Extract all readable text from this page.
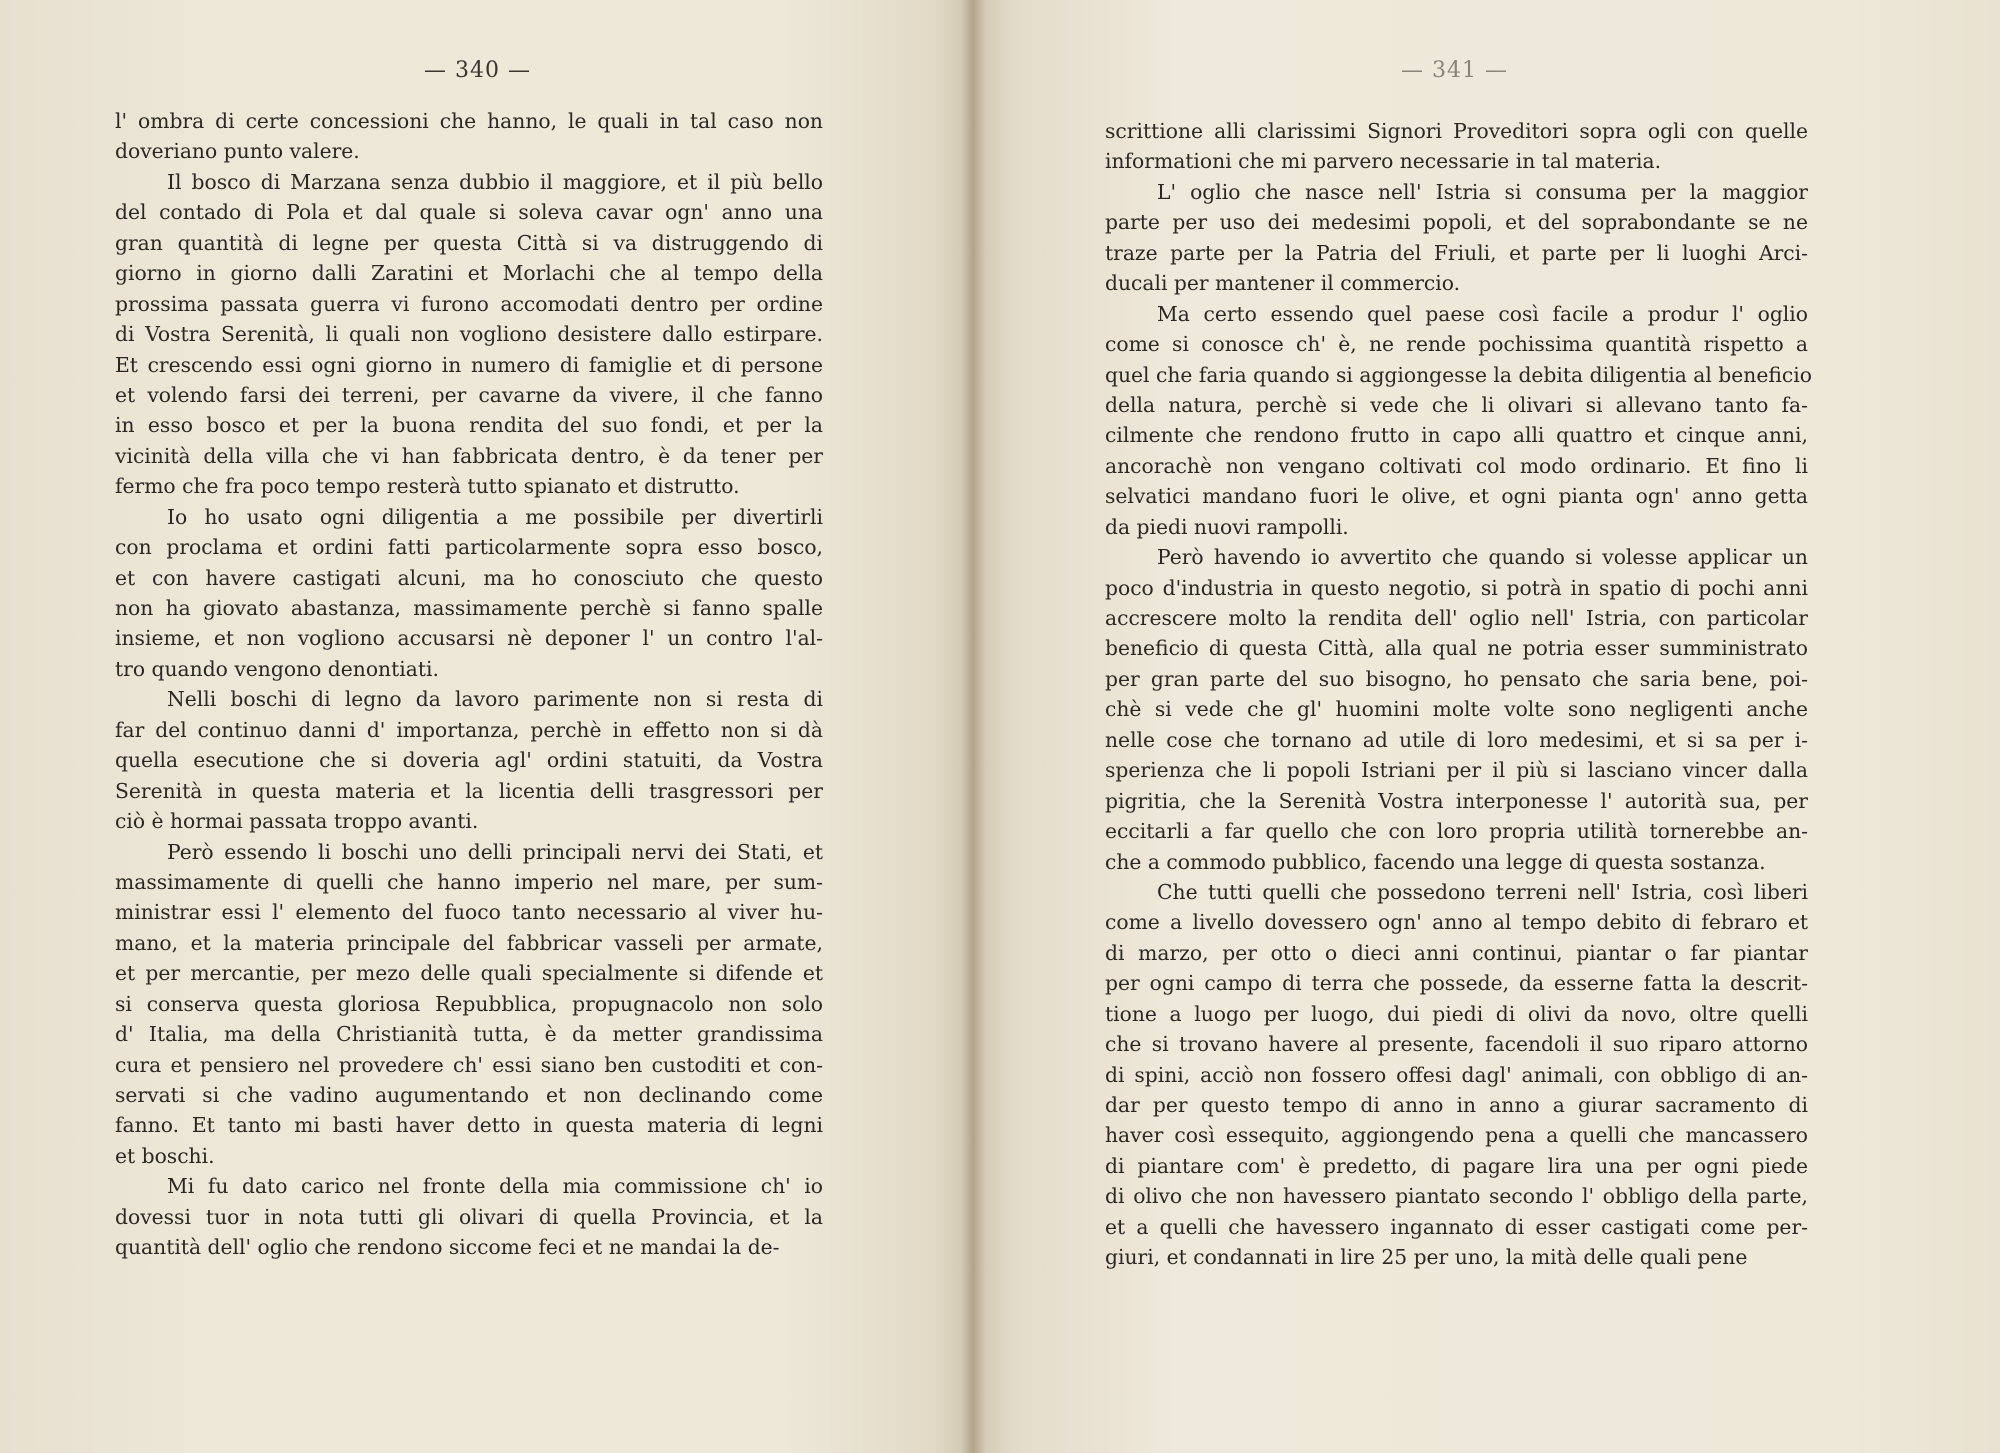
— 340 —
l' ombra di certe concessioni che hanno, le quali in tal caso non
doveriano punto valere.
Il bosco di Marzana senza dubbio il maggiore, et il più bello
del contado di Pola et dal quale si soleva cavar ogn' anno una
gran quantità di legne per questa Città si va distruggendo di
giorno in giorno dalli Zaratini et Morlachi che al tempo della
prossima passata guerra vi furono accomodati dentro per ordine
di Vostra Serenità, li quali non vogliono desistere dallo estirpare.
Et crescendo essi ogni giorno in numero di famiglie et di persone
et volendo farsi dei terreni, per cavarne da vivere, il che fanno
in esso bosco et per la buona rendita del suo fondi, et per la
vicinità della villa che vi han fabbricata dentro, è da tener per
fermo che fra poco tempo resterà tutto spianato et distrutto.
Io ho usato ogni diligentia a me possibile per divertirli
con proclama et ordini fatti particolarmente sopra esso bosco,
et con havere castigati alcuni, ma ho conosciuto che questo
non ha giovato abastanza, massimamente perchè si fanno spalle
insieme, et non vogliono accusarsi nè deponer l' un contro l'al-
tro quando vengono denontiati.
Nelli boschi di legno da lavoro parimente non si resta di
far del continuo danni d' importanza, perchè in effetto non si dà
quella esecutione che si doveria agl' ordini statuiti, da Vostra
Serenità in questa materia et la licentia delli trasgressori per
ciò è hormai passata troppo avanti.
Però essendo li boschi uno delli principali nervi dei Stati, et
massimamente di quelli che hanno imperio nel mare, per sum-
ministrar essi l' elemento del fuoco tanto necessario al viver hu-
mano, et la materia principale del fabbricar vasseli per armate,
et per mercantie, per mezo delle quali specialmente si difende et
si conserva questa gloriosa Repubblica, propugnacolo non solo
d' Italia, ma della Christianità tutta, è da metter grandissima
cura et pensiero nel provedere ch' essi siano ben custoditi et con-
servati si che vadino augumentando et non declinando come
fanno. Et tanto mi basti haver detto in questa materia di legni
et boschi.
Mi fu dato carico nel fronte della mia commissione ch' io
dovessi tuor in nota tutti gli olivari di quella Provincia, et la
quantità dell' oglio che rendono siccome feci et ne mandai la de-
— 341 —
scrittione alli clarissimi Signori Proveditori sopra ogli con quelle
informationi che mi parvero necessarie in tal materia.
L' oglio che nasce nell' Istria si consuma per la maggior
parte per uso dei medesimi popoli, et del soprabondante se ne
traze parte per la Patria del Friuli, et parte per li luoghi Arci-
ducali per mantener il commercio.
Ma certo essendo quel paese così facile a produr l' oglio
come si conosce ch' è, ne rende pochissima quantità rispetto a
quel che faria quando si aggiongesse la debita diligentia al beneficio
della natura, perchè si vede che li olivari si allevano tanto fa-
cilmente che rendono frutto in capo alli quattro et cinque anni,
ancorachè non vengano coltivati col modo ordinario. Et fino li
selvatici mandano fuori le olive, et ogni pianta ogn' anno getta
da piedi nuovi rampolli.
Però havendo io avvertito che quando si volesse applicar un
poco d'industria in questo negotio, si potrà in spatio di pochi anni
accrescere molto la rendita dell' oglio nell' Istria, con particolar
beneficio di questa Città, alla qual ne potria esser sumministrato
per gran parte del suo bisogno, ho pensato che saria bene, poi-
chè si vede che gl' huomini molte volte sono negligenti anche
nelle cose che tornano ad utile di loro medesimi, et si sa per i-
sperienza che li popoli Istriani per il più si lasciano vincer dalla
pigritia, che la Serenità Vostra interponesse l' autorità sua, per
eccitarli a far quello che con loro propria utilità tornerebbe an-
che a commodo pubblico, facendo una legge di questa sostanza.
Che tutti quelli che possedono terreni nell' Istria, così liberi
come a livello dovessero ogn' anno al tempo debito di febraro et
di marzo, per otto o dieci anni continui, piantar o far piantar
per ogni campo di terra che possede, da esserne fatta la descrit-
tione a luogo per luogo, dui piedi di olivi da novo, oltre quelli
che si trovano havere al presente, facendoli il suo riparo attorno
di spini, acciò non fossero offesi dagl' animali, con obbligo di an-
dar per questo tempo di anno in anno a giurar sacramento di
haver così essequito, aggiongendo pena a quelli che mancassero
di piantare com' è predetto, di pagare lira una per ogni piede
di olivo che non havessero piantato secondo l' obbligo della parte,
et a quelli che havessero ingannato di esser castigati come per-
giuri, et condannati in lire 25 per uno, la mità delle quali pene
